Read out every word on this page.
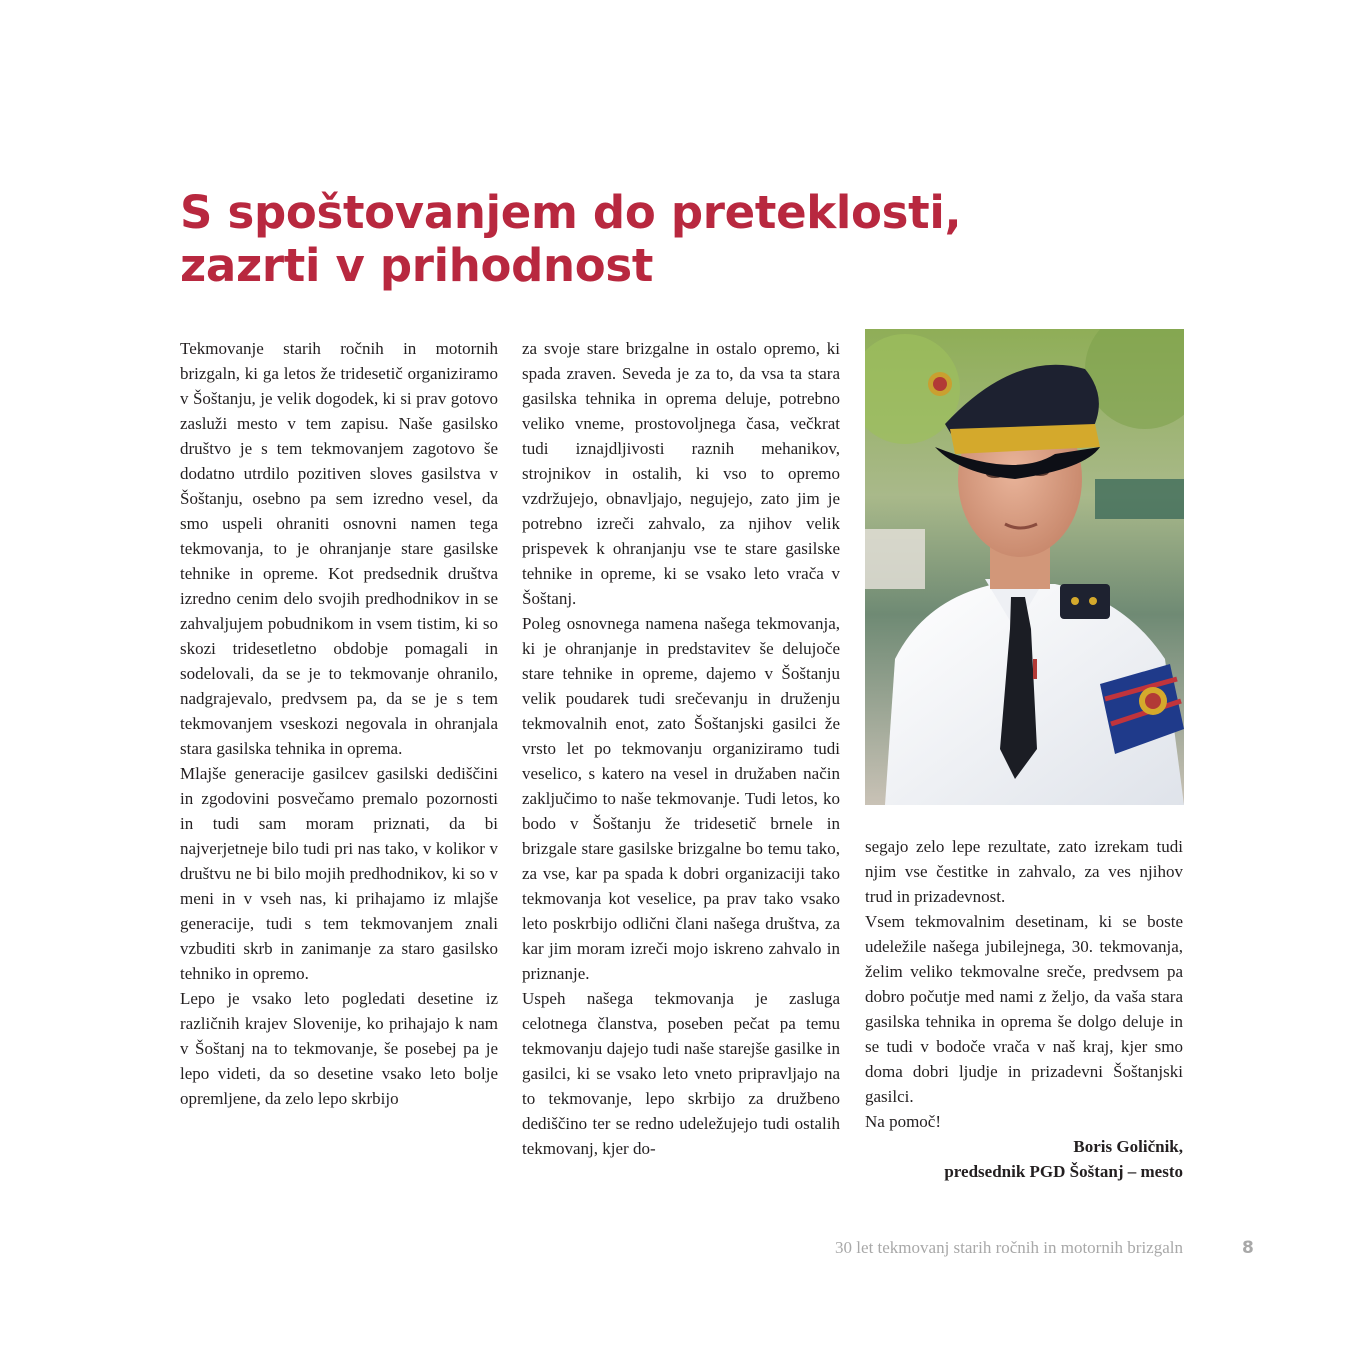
S spoštovanjem do preteklosti,
zazrti v prihodnost

Tekmovanje starih ročnih in motornih brizgaln, ki ga letos že tridesetič organiziramo v Šoštanju, je velik dogodek, ki si prav gotovo zasluži mesto v tem zapisu. Naše gasilsko društvo je s tem tekmovanjem zagotovo še dodatno utrdilo pozitiven sloves gasilstva v Šoštanju, osebno pa sem izredno vesel, da smo uspeli ohraniti osnovni namen tega tekmovanja, to je ohranjanje stare gasilske tehnike in opreme. Kot predsednik društva izredno cenim delo svojih predhodnikov in se zahvaljujem pobudnikom in vsem tistim, ki so skozi tridesetletno obdobje pomagali in sodelovali, da se je to tekmovanje ohranilo, nadgrajevalo, predvsem pa, da se je s tem tekmovanjem vseskozi negovala in ohranjala stara gasilska tehnika in oprema.

Mlajše generacije gasilcev gasilski dediščini in zgodovini posvečamo premalo pozornosti in tudi sam moram priznati, da bi najverjetneje bilo tudi pri nas tako, v kolikor v društvu ne bi bilo mojih predhodnikov, ki so v meni in v vseh nas, ki prihajamo iz mlajše generacije, tudi s tem tekmovanjem znali vzbuditi skrb in zanimanje za staro gasilsko tehniko in opremo.

Lepo je vsako leto pogledati desetine iz različnih krajev Slovenije, ko prihajajo k nam v Šoštanj na to tekmovanje, še posebej pa je lepo videti, da so desetine vsako leto bolje opremljene, da zelo lepo skrbijo

za svoje stare brizgalne in ostalo opremo, ki spada zraven. Seveda je za to, da vsa ta stara gasilska tehnika in oprema deluje, potrebno veliko vneme, prostovoljnega časa, večkrat tudi iznajdljivosti raznih mehanikov, strojnikov in ostalih, ki vso to opremo vzdržujejo, obnavljajo, negujejo, zato jim je potrebno izreči zahvalo, za njihov velik prispevek k ohranjanju vse te stare gasilske tehnike in opreme, ki se vsako leto vrača v Šoštanj.

Poleg osnovnega namena našega tekmovanja, ki je ohranjanje in predstavitev še delujoče stare tehnike in opreme, dajemo v Šoštanju velik poudarek tudi srečevanju in druženju tekmovalnih enot, zato Šoštanjski gasilci že vrsto let po tekmovanju organiziramo tudi veselico, s katero na vesel in družaben način zaključimo to naše tekmovanje. Tudi letos, ko bodo v Šoštanju že tridesetič brnele in brizgale stare gasilske brizgalne bo temu tako, za vse, kar pa spada k dobri organizaciji tako tekmovanja kot veselice, pa prav tako vsako leto poskrbijo odlični člani našega društva, za kar jim moram izreči mojo iskreno zahvalo in priznanje.

Uspeh našega tekmovanja je zasluga celotnega članstva, poseben pečat pa temu tekmovanju dajejo tudi naše starejše gasilke in gasilci, ki se vsako leto vneto pripravljajo na to tekmovanje, lepo skrbijo za družbeno dediščino ter se redno udeležujejo tudi ostalih tekmovanj, kjer do-

segajo zelo lepe rezultate, zato izrekam tudi njim vse čestitke in zahvalo, za ves njihov trud in prizadevnost.

Vsem tekmovalnim desetinam, ki se boste udeležile našega jubilejnega, 30. tekmovanja, želim veliko tekmovalne sreče, predvsem pa dobro počutje med nami z željo, da vaša stara gasilska tehnika in oprema še dolgo deluje in se tudi v bodoče vrača v naš kraj, kjer smo doma dobri ljudje in prizadevni Šoštanjski gasilci.

Na pomoč!

Boris Goličnik,

predsednik PGD Šoštanj – mesto

30 let tekmovanj starih ročnih in motornih brizgaln	8
